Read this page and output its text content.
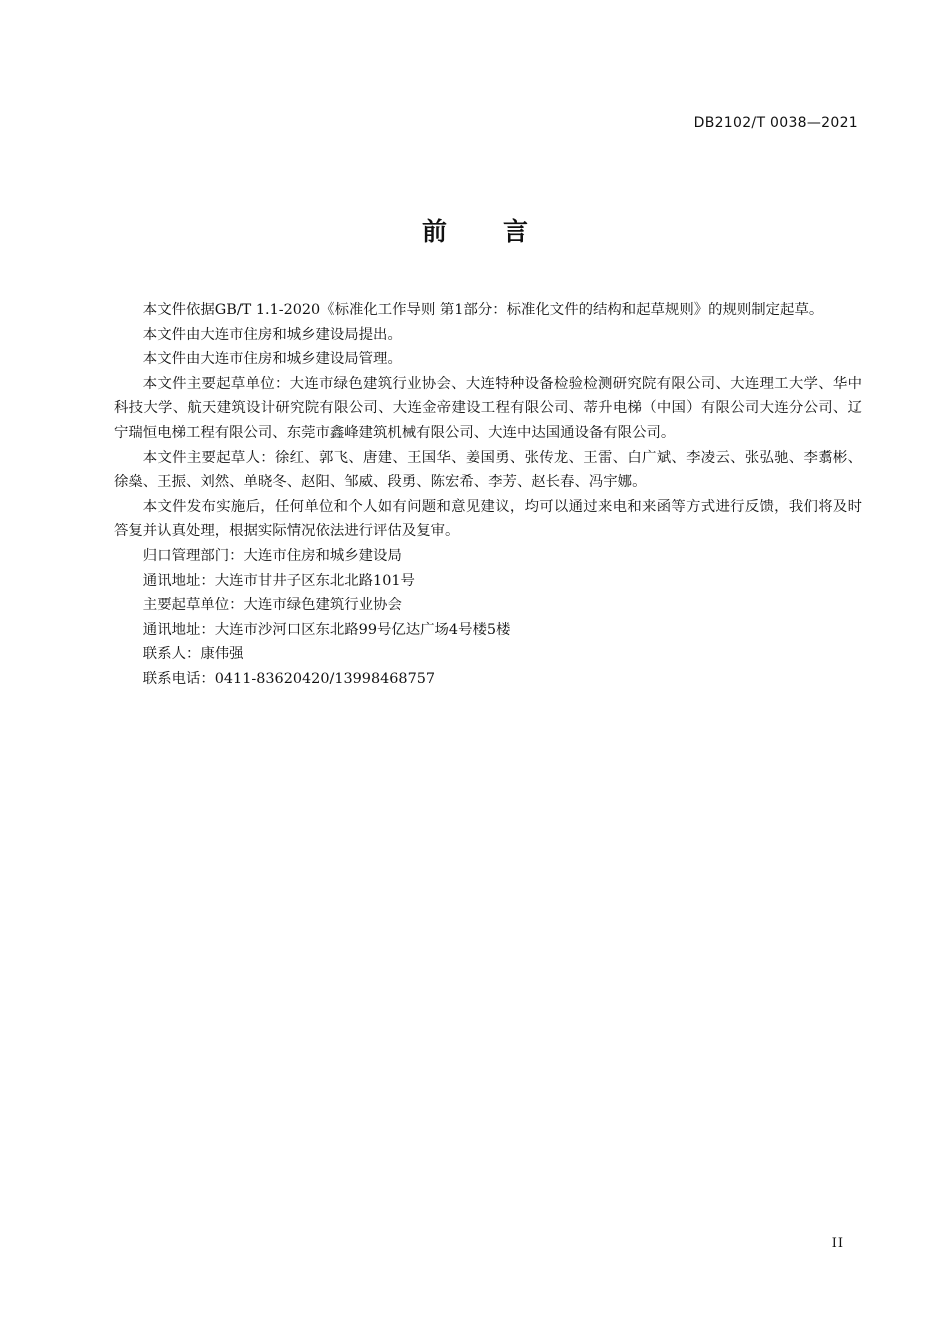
DB2102/T 0038—2021
前 言

本文件依据GB/T 1.1-2020《标准化工作导则 第1部分：标准化文件的结构和起草规则》的规则制定起草。

本文件由大连市住房和城乡建设局提出。

本文件由大连市住房和城乡建设局管理。

本文件主要起草单位：大连市绿色建筑行业协会、大连特种设备检验检测研究院有限公司、大连理工大学、华中科技大学、航天建筑设计研究院有限公司、大连金帝建设工程有限公司、蒂升电梯（中国）有限公司大连分公司、辽宁瑞恒电梯工程有限公司、东莞市鑫峰建筑机械有限公司、大连中达国通设备有限公司。

本文件主要起草人：徐红、郭飞、唐建、王国华、姜国勇、张传龙、王雷、白广斌、李凌云、张弘驰、李翥彬、徐燊、王振、刘然、单晓冬、赵阳、邹威、段勇、陈宏希、李芳、赵长春、冯宇娜。

本文件发布实施后，任何单位和个人如有问题和意见建议，均可以通过来电和来函等方式进行反馈，我们将及时答复并认真处理，根据实际情况依法进行评估及复审。

归口管理部门：大连市住房和城乡建设局

通讯地址：大连市甘井子区东北北路101号

主要起草单位：大连市绿色建筑行业协会

通讯地址：大连市沙河口区东北路99号亿达广场4号楼5楼

联系人：康伟强

联系电话：0411-83620420/13998468757

II
